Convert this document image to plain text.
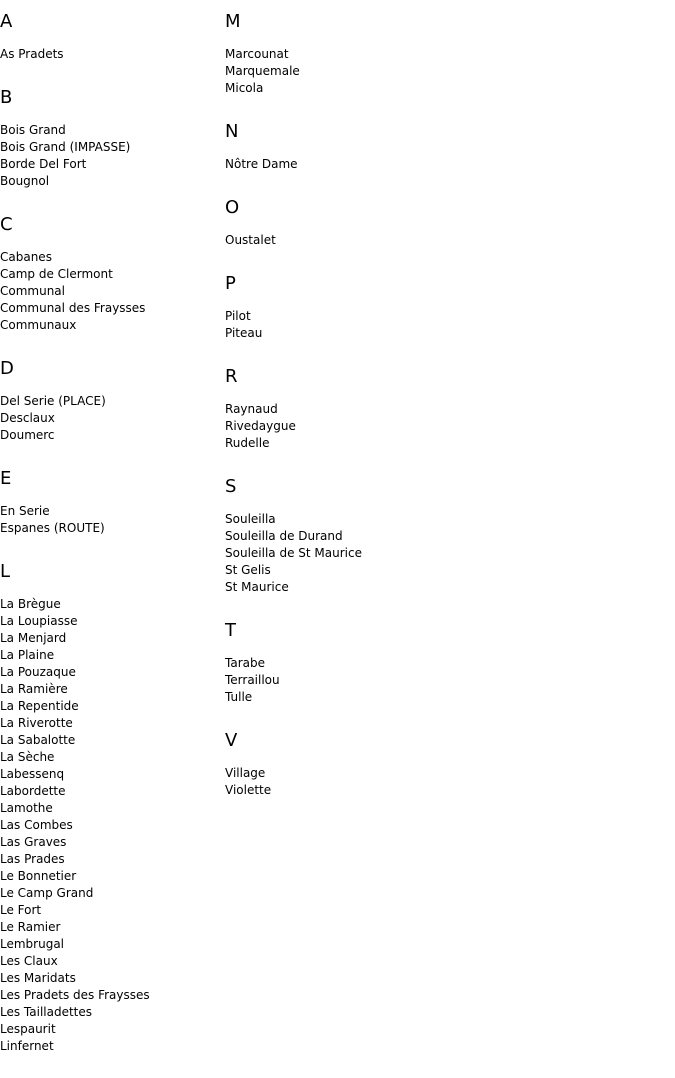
A
As Pradets
B
Bois Grand
Bois Grand (IMPASSE)
Borde Del Fort
Bougnol
C
Cabanes
Camp de Clermont
Communal
Communal des Fraysses
Communaux
D
Del Serie (PLACE)
Desclaux
Doumerc
E
En Serie
Espanes (ROUTE)
L
La Brègue
La Loupiasse
La Menjard
La Plaine
La Pouzaque
La Ramière
La Repentide
La Riverotte
La Sabalotte
La Sèche
Labessenq
Labordette
Lamothe
Las Combes
Las Graves
Las Prades
Le Bonnetier
Le Camp Grand
Le Fort
Le Ramier
Lembrugal
Les Claux
Les Maridats
Les Pradets des Fraysses
Les Tailladettes
Lespaurit
Linfernet
M
Marcounat
Marquemale
Micola
N
Nôtre Dame
O
Oustalet
P
Pilot
Piteau
R
Raynaud
Rivedaygue
Rudelle
S
Souleilla
Souleilla de Durand
Souleilla de St Maurice
St Gelis
St Maurice
T
Tarabe
Terraillou
Tulle
V
Village
Violette
